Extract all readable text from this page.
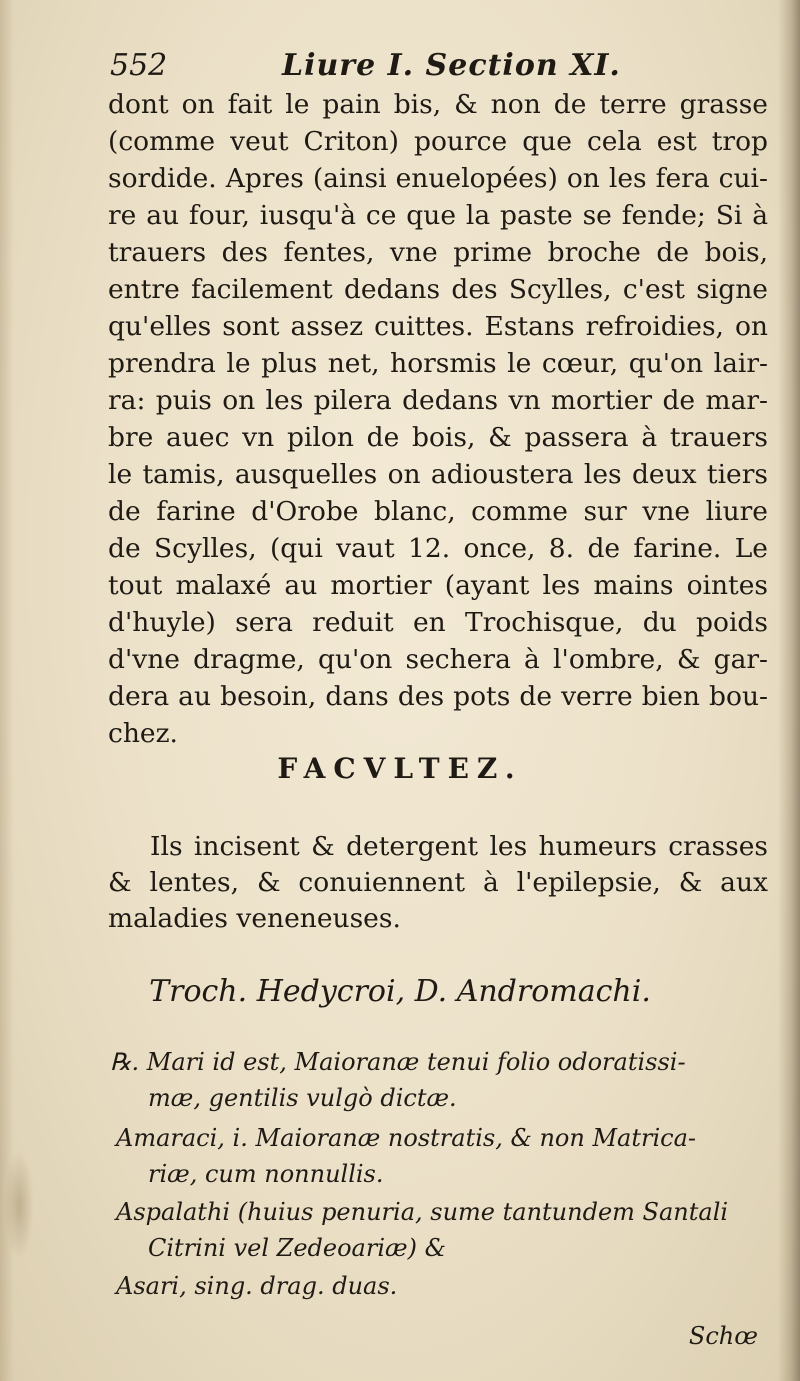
552	Liure I. Section XI.
dont on fait le pain bis, & non de terre grasse
(comme veut Criton) pource que cela est trop
sordide. Apres (ainsi enuelopées) on les fera cui-
re au four, iusqu'à ce que la paste se fende; Si à
trauers des fentes, vne prime broche de bois,
entre facilement dedans des Scylles, c'est signe
qu'elles sont assez cuittes. Estans refroidies, on
prendra le plus net, horsmis le cœur, qu'on lair-
ra: puis on les pilera dedans vn mortier de mar-
bre auec vn pilon de bois, & passera à trauers
le tamis, ausquelles on adioustera les deux tiers
de farine d'Orobe blanc, comme sur vne liure
de Scylles, (qui vaut 12. once, 8. de farine. Le
tout malaxé au mortier (ayant les mains ointes
d'huyle) sera reduit en Trochisque, du poids
d'vne dragme, qu'on sechera à l'ombre, & gar-
dera au besoin, dans des pots de verre bien bou-
chez.
FACVLTEZ.
Ils incisent & detergent les humeurs crasses
& lentes, & conuiennent à l'epilepsie, & aux
maladies veneneuses.
Troch. Hedycroi, D. Andromachi.
℞. Mari id est, Maioranæ tenui folio odoratissi-
mæ, gentilis vulgò dictæ.
Amaraci, i. Maioranæ nostratis, & non Matrica-
riæ, cum nonnullis.
Aspalathi (huius penuria, sume tantundem Santali
Citrini vel Zedeoariæ) &
Asari, sing. drag. duas.
Schœ
